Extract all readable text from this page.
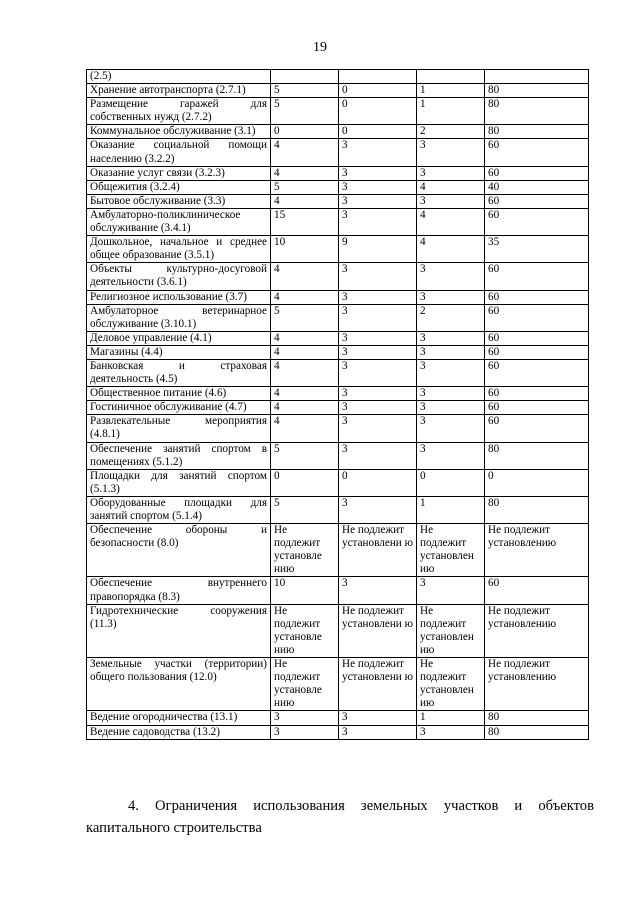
19
(2.5)				
Хранение автотранспорта (2.7.1)	5	0	1	80
Размещение гаражей для собственных нужд (2.7.2)	5	0	1	80
Коммунальное обслуживание (3.1)	0	0	2	80
Оказание социальной помощи населению (3.2.2)	4	3	3	60
Оказание услуг связи (3.2.3)	4	3	3	60
Общежития (3.2.4)	5	3	4	40
Бытовое обслуживание (3.3)	4	3	3	60
Амбулаторно-поликлиническое обслуживание (3.4.1)	15	3	4	60
Дошкольное, начальное и среднее общее образование (3.5.1)	10	9	4	35
Объекты культурно-досуговой деятельности (3.6.1)	4	3	3	60
Религиозное использование (3.7)	4	3	3	60
Амбулаторное ветеринарное обслуживание (3.10.1)	5	3	2	60
Деловое управление (4.1)	4	3	3	60
Магазины (4.4)	4	3	3	60
Банковская и страховая деятельность (4.5)	4	3	3	60
Общественное питание (4.6)	4	3	3	60
Гостиничное обслуживание (4.7)	4	3	3	60
Развлекательные мероприятия (4.8.1)	4	3	3	60
Обеспечение занятий спортом в помещениях (5.1.2)	5	3	3	80
Площадки для занятий спортом (5.1.3)	0	0	0	0
Оборудованные площадки для занятий спортом (5.1.4)	5	3	1	80
Обеспечение обороны и безопасности (8.0)	Не подлежит установле нию	Не подлежит установлени ю	Не подлежит установлен ию	Не подлежит установлению
Обеспечение внутреннего правопорядка (8.3)	10	3	3	60
Гидротехнические сооружения (11.3)	Не подлежит установле нию	Не подлежит установлени ю	Не подлежит установлен ию	Не подлежит установлению
Земельные участки (территории) общего пользования (12.0)	Не подлежит установле нию	Не подлежит установлени ю	Не подлежит установлен ию	Не подлежит установлению
Ведение огородничества (13.1)	3	3	1	80
Ведение садоводства (13.2)	3	3	3	80
4. Ограничения использования земельных участков и объектов
капитального строительства
